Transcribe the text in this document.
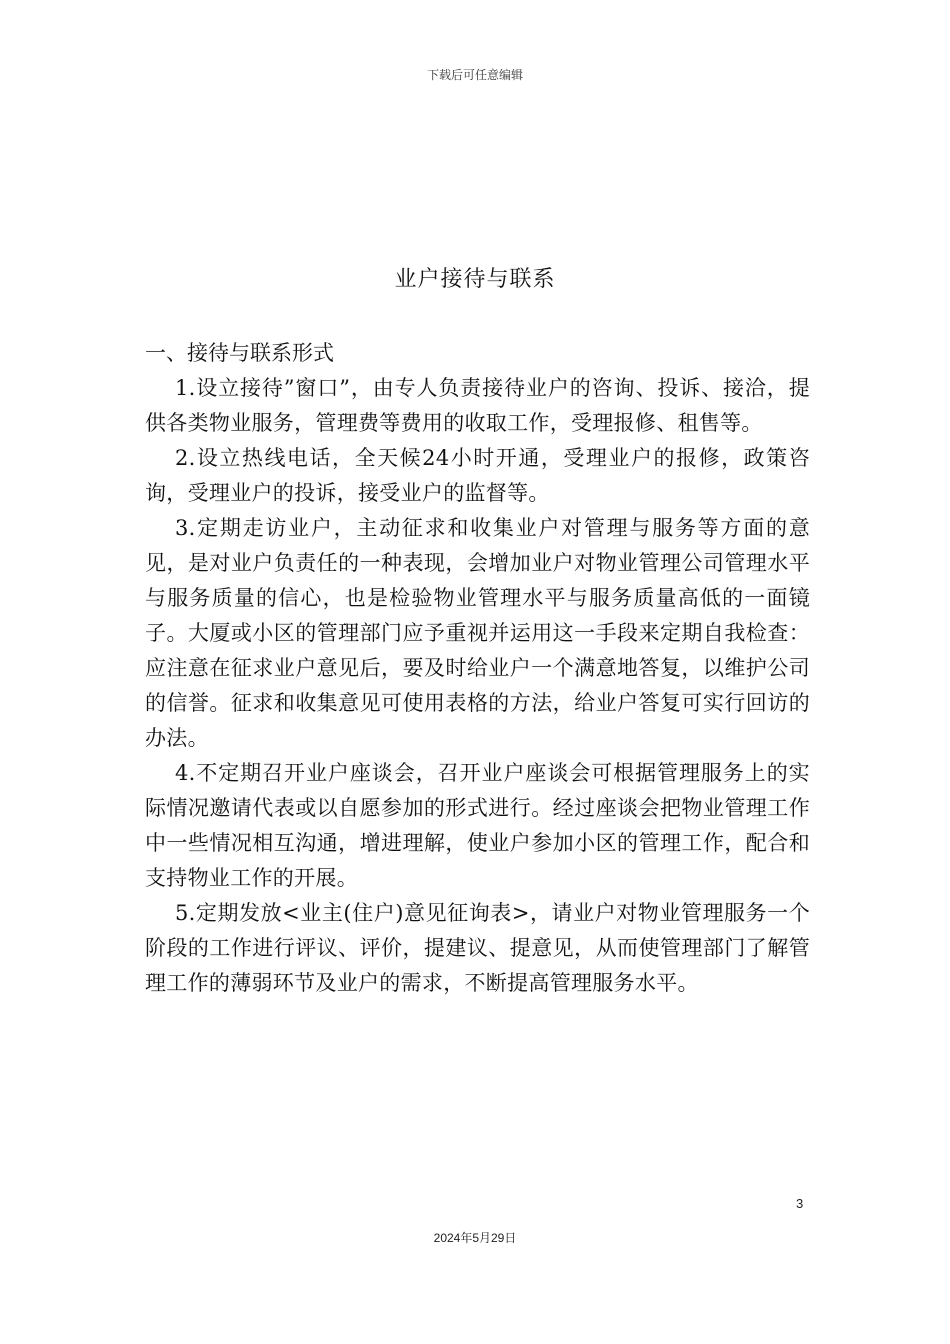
下载后可任意编辑
业户接待与联系

一、接待与联系形式

1.设立接待”窗口”，由专人负责接待业户的咨询、投诉、接洽，提供各类物业服务，管理费等费用的收取工作，受理报修、租售等。

2.设立热线电话，全天候24小时开通，受理业户的报修，政策咨询，受理业户的投诉，接受业户的监督等。

3.定期走访业户，主动征求和收集业户对管理与服务等方面的意见，是对业户负责任的一种表现，会增加业户对物业管理公司管理水平与服务质量的信心，也是检验物业管理水平与服务质量高低的一面镜子。大厦或小区的管理部门应予重视并运用这一手段来定期自我检查：应注意在征求业户意见后，要及时给业户一个满意地答复，以维护公司的信誉。征求和收集意见可使用表格的方法，给业户答复可实行回访的办法。

4.不定期召开业户座谈会，召开业户座谈会可根据管理服务上的实际情况邀请代表或以自愿参加的形式进行。经过座谈会把物业管理工作中一些情况相互沟通，增进理解，使业户参加小区的管理工作，配合和支持物业工作的开展。

5.定期发放<业主(住户)意见征询表>，请业户对物业管理服务一个阶段的工作进行评议、评价，提建议、提意见，从而使管理部门了解管理工作的薄弱环节及业户的需求，不断提高管理服务水平。

3
2024年5月29日
